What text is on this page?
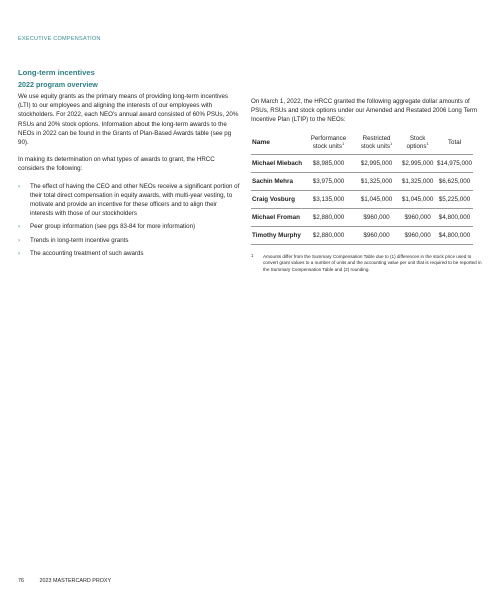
EXECUTIVE COMPENSATION
Long-term incentives
2022 program overview

We use equity grants as the primary means of providing long-term incentives (LTI) to our employees and aligning the interests of our employees with stockholders. For 2022, each NEO’s annual award consisted of 60% PSUs, 20% RSUs and 20% stock options. Information about the long-term awards to the NEOs in 2022 can be found in the Grants of Plan-Based Awards table (see pg 90).

In making its determination on what types of awards to grant, the HRCC considers the following:

› The effect of having the CEO and other NEOs receive a significant portion of their total direct compensation in equity awards, with multi-year vesting, to motivate and provide an incentive for these officers and to align their interests with those of our stockholders
› Peer group information (see pgs 83-84 for more information)
› Trends in long-term incentive grants
› The accounting treatment of such awards

On March 1, 2022, the HRCC granted the following aggregate dollar amounts of PSUs, RSUs and stock options under our Amended and Restated 2006 Long Term Incentive Plan (LTIP) to the NEOs:

Name	Performance stock units$^1$	Restricted stock units$^1$	Stock options$^1$	Total
Michael Miebach	$8,985,000	$2,995,000	$2,995,000	$14,975,000
Sachin Mehra	$3,975,000	$1,325,000	$1,325,000	$6,625,000
Craig Vosburg	$3,135,000	$1,045,000	$1,045,000	$5,225,000
Michael Froman	$2,880,000	$960,000	$960,000	$4,800,000
Timothy Murphy	$2,880,000	$960,000	$960,000	$4,800,000
1 Amounts differ from the Summary Compensation Table due to (1) differences in the stock price used to convert grant values to a number of units and the accounting value per unit that is required to be reported in the Summary Compensation Table and (2) rounding.
76	2023 MASTERCARD PROXY
